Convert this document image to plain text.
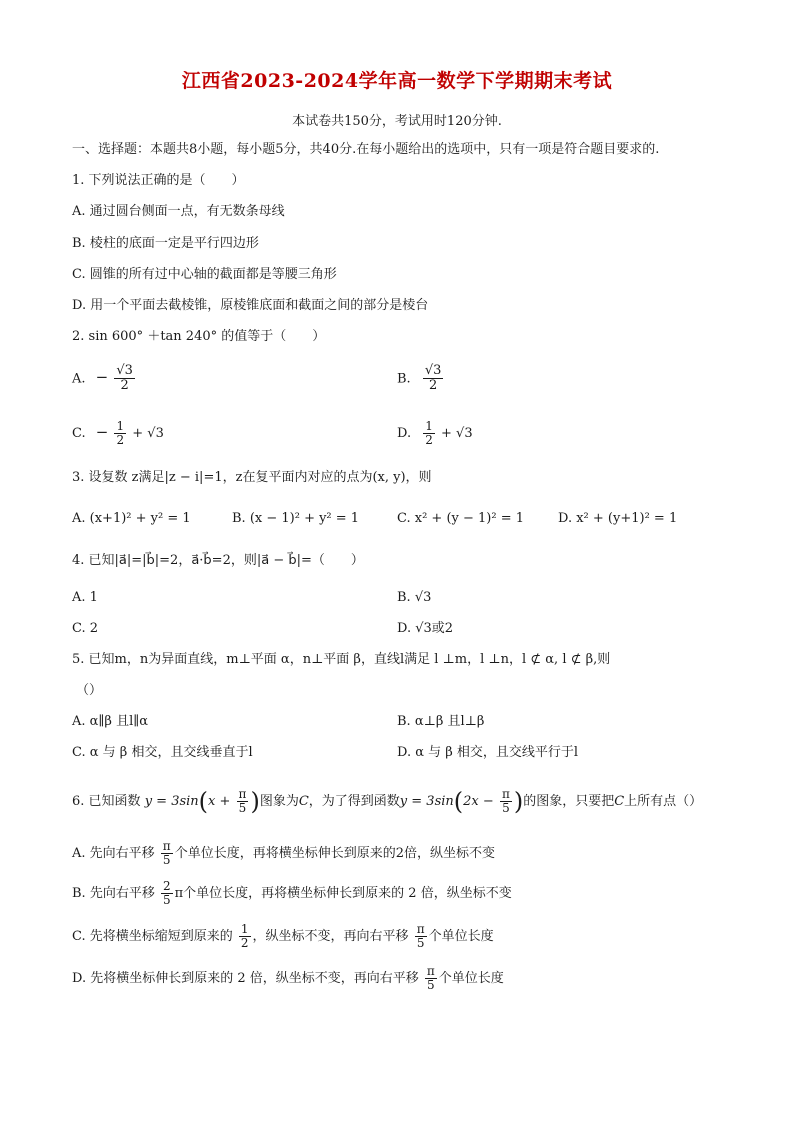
江西省2023-2024学年高一数学下学期期末考试
本试卷共150分，考试用时120分钟.
一、选择题：本题共8小题，每小题5分，共40分.在每小题给出的选项中，只有一项是符合题目要求的.
1. 下列说法正确的是（　　）
A. 通过圆台侧面一点，有无数条母线
B. 棱柱的底面一定是平行四边形
C. 圆锥的所有过中心轴的截面都是等腰三角形
D. 用一个平面去截棱锥，原棱锥底面和截面之间的部分是棱台
2. sin 600° ＋tan 240° 的值等于（　　）
A. − $\frac{√3}{2}$	B. $\frac{√3}{2}$
C. − $\frac{1}{2} + √3$	D. $\frac{1}{2} + √3$
3. 设复数 z满足|z − i|=1，z在复平面内对应的点为(x, y)，则
A. (x+1)² + y² = 1	B. (x − 1)² + y² = 1	C. x² + (y − 1)² = 1	D. x² + (y+1)² = 1
4. 已知|a⃗|=|b⃗|=2，a⃗·b⃗=2，则|a⃗ − b⃗|=（　　）
A. 1	B. √3
C. 2	D. √3或2
5. 已知m，n为异面直线，m⊥平面 α，n⊥平面 β，直线l满足 l ⊥m，l ⊥n，l ⊄ α, l ⊄ β,则
（）
A. α∥β 且l∥α	B. α⊥β 且l⊥β
C. α 与 β 相交，且交线垂直于l	D. α 与 β 相交，且交线平行于l
6. 已知函数 $y = 3\sin(x + \frac{\pi}{5}$ )图象为C，为了得到函数$y = 3\sin(2x - \frac{\pi}{5}$ )的图象，只要把C上所有点（）
A. 先向右平移 $\frac{\pi}{5}$ 个单位长度，再将横坐标伸长到原来的2倍，纵坐标不变
B. 先向右平移 $\frac{2}{5}$ π个单位长度，再将横坐标伸长到原来的 2 倍，纵坐标不变
C. 先将横坐标缩短到原来的 $\frac{1}{2}$ ，纵坐标不变，再向右平移 $\frac{\pi}{5}$ 个单位长度
D. 先将横坐标伸长到原来的 2 倍，纵坐标不变，再向右平移 $\frac{\pi}{5}$ 个单位长度
